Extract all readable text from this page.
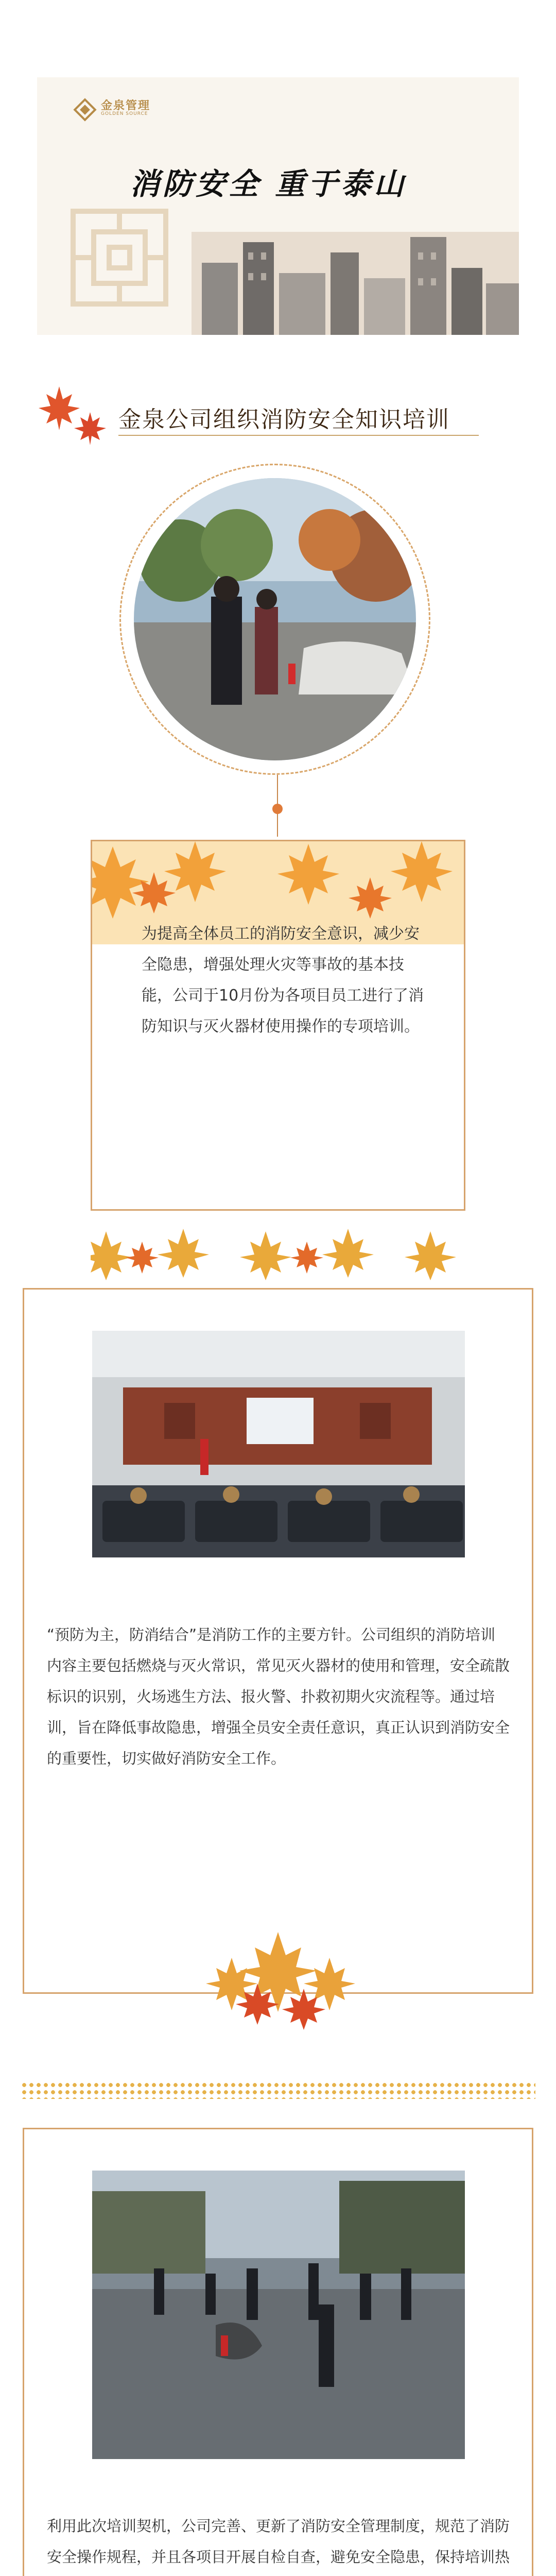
金泉管理
GOLDEN SOURCE
消防安全 重于泰山
金泉公司组织消防安全知识培训
为提高全体员工的消防安全意识，减少安全隐患，增强处理火灾等事故的基本技能，公司于10月份为各项目员工进行了消防知识与灭火器材使用操作的专项培训。
“预防为主，防消结合”是消防工作的主要方针。公司组织的消防培训内容主要包括燃烧与灭火常识，常见灭火器材的使用和管理，安全疏散标识的识别，火场逃生方法、报火警、扑救初期火灾流程等。通过培训，旨在降低事故隐患，增强全员安全责任意识，真正认识到消防安全的重要性，切实做好消防安全工作。
利用此次培训契机，公司完善、更新了消防安全管理制度，规范了消防安全操作规程，并且各项目开展自检自查，避免安全隐患，保持培训热
